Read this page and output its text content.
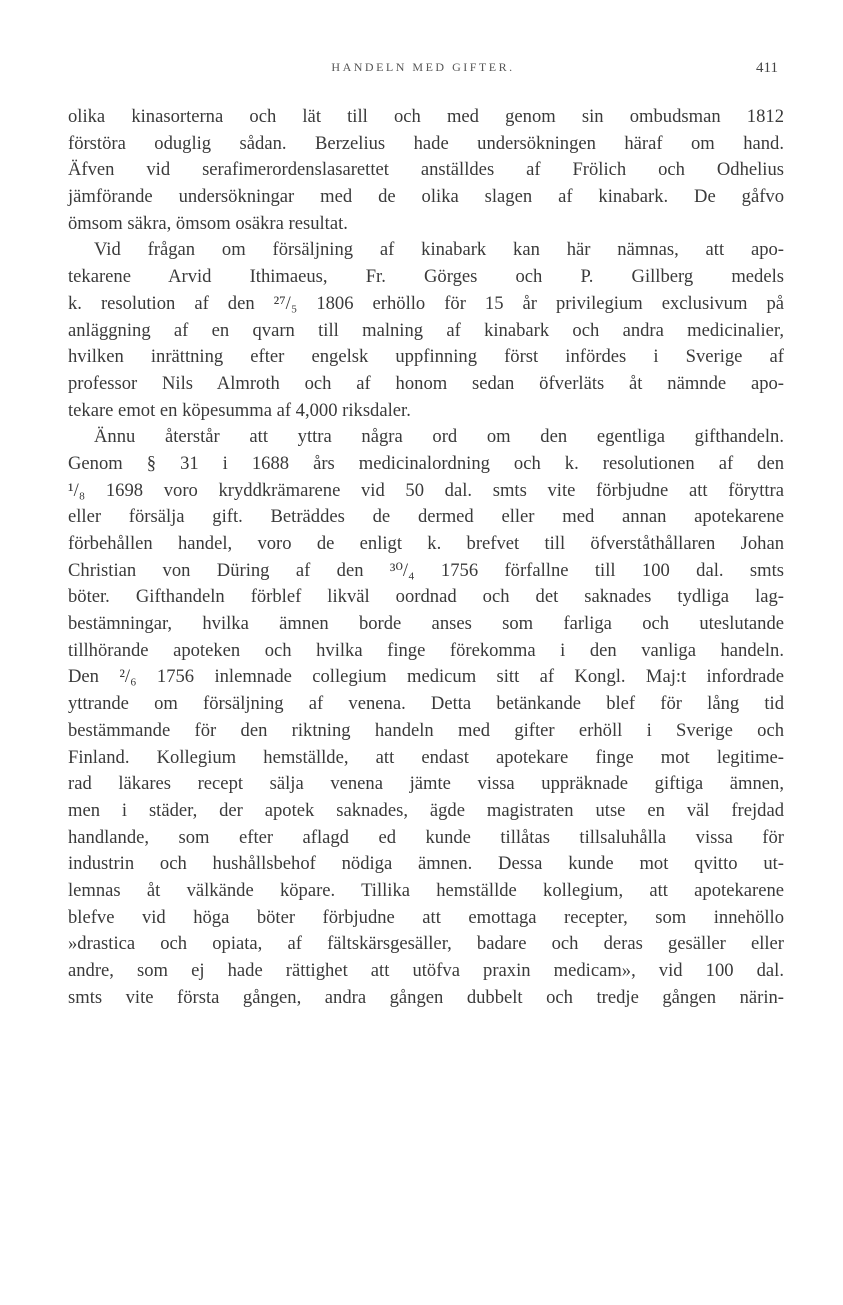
HANDELN MED GIFTER.	411
olika kinasorterna och lät till och med genom sin ombudsman 1812
förstöra oduglig sådan. Berzelius hade undersökningen häraf om hand.
Äfven vid serafimerordenslasarettet anställdes af Frölich och Odhelius
jämförande undersökningar med de olika slagen af kinabark. De gåfvo
ömsom säkra, ömsom osäkra resultat.
Vid frågan om försäljning af kinabark kan här nämnas, att apo-
tekarene Arvid Ithimaeus, Fr. Görges och P. Gillberg medels
k. resolution af den ²⁷/₅ 1806 erhöllo för 15 år privilegium exclusivum på
anläggning af en qvarn till malning af kinabark och andra medicinalier,
hvilken inrättning efter engelsk uppfinning först infördes i Sverige af
professor Nils Almroth och af honom sedan öfverläts åt nämnde apo-
tekare emot en köpesumma af 4,000 riksdaler.
Ännu återstår att yttra några ord om den egentliga gifthandeln.
Genom § 31 i 1688 års medicinalordning och k. resolutionen af den
¹/₈ 1698 voro kryddkrämarene vid 50 dal. smts vite förbjudne att föryttra
eller försälja gift. Beträddes de dermed eller med annan apotekarene
förbehållen handel, voro de enligt k. brefvet till öfverståthållaren Johan
Christian von Düring af den ³⁰/₄ 1756 förfallne till 100 dal. smts
böter. Gifthandeln förblef likväl oordnad och det saknades tydliga lag-
bestämningar, hvilka ämnen borde anses som farliga och uteslutande
tillhörande apoteken och hvilka finge förekomma i den vanliga handeln.
Den ²/₆ 1756 inlemnade collegium medicum sitt af Kongl. Maj:t infordrade
yttrande om försäljning af venena. Detta betänkande blef för lång tid
bestämmande för den riktning handeln med gifter erhöll i Sverige och
Finland. Kollegium hemställde, att endast apotekare finge mot legitime-
rad läkares recept sälja venena jämte vissa uppräknade giftiga ämnen,
men i städer, der apotek saknades, ägde magistraten utse en väl frejdad
handlande, som efter aflagd ed kunde tillåtas tillsaluhålla vissa för
industrin och hushållsbehof nödiga ämnen. Dessa kunde mot qvitto ut-
lemnas åt välkände köpare. Tillika hemställde kollegium, att apotekarene
blefve vid höga böter förbjudne att emottaga recepter, som innehöllo
»drastica och opiata, af fältskärsgesäller, badare och deras gesäller eller
andre, som ej hade rättighet att utöfva praxin medicam», vid 100 dal.
smts vite första gången, andra gången dubbelt och tredje gången närin-
